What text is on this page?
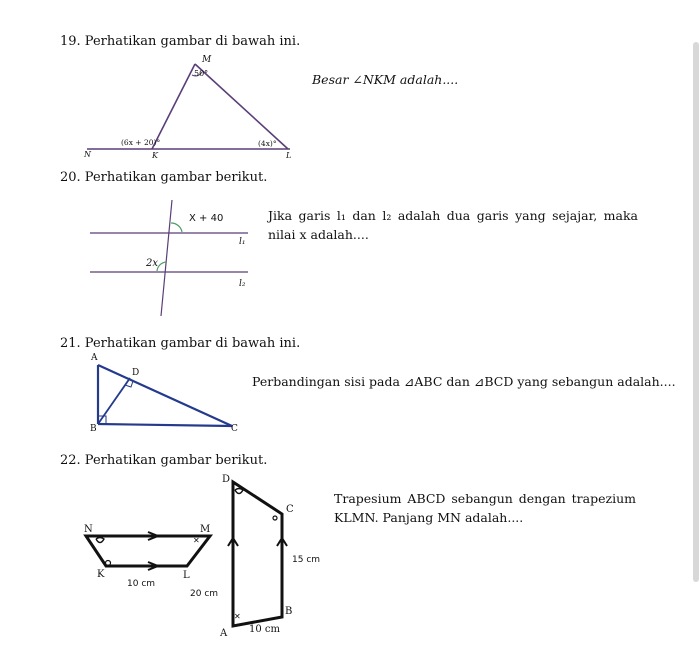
19. Perhatikan gambar di bawah ini.
Besar ∠NKM adalah....
20. Perhatikan gambar berikut.
Jika garis l₁ dan l₂ adalah dua garis yang sejajar, maka nilai x adalah....
21. Perhatikan gambar di bawah ini.
Perbandingan sisi pada ⊿ABC dan ⊿BCD yang sebangun adalah....
22. Perhatikan gambar berikut.
Trapesium ABCD sebangun dengan trapezium KLMN. Panjang MN adalah....
M
50°
N	K	L
(6x + 20)°	(4x)°
X + 40
2x
l₁
l₂
A
D
B	C
✕
N	M
K	L
10 cm
20 cm
✕
D
C
B
A
15 cm
10 cm
